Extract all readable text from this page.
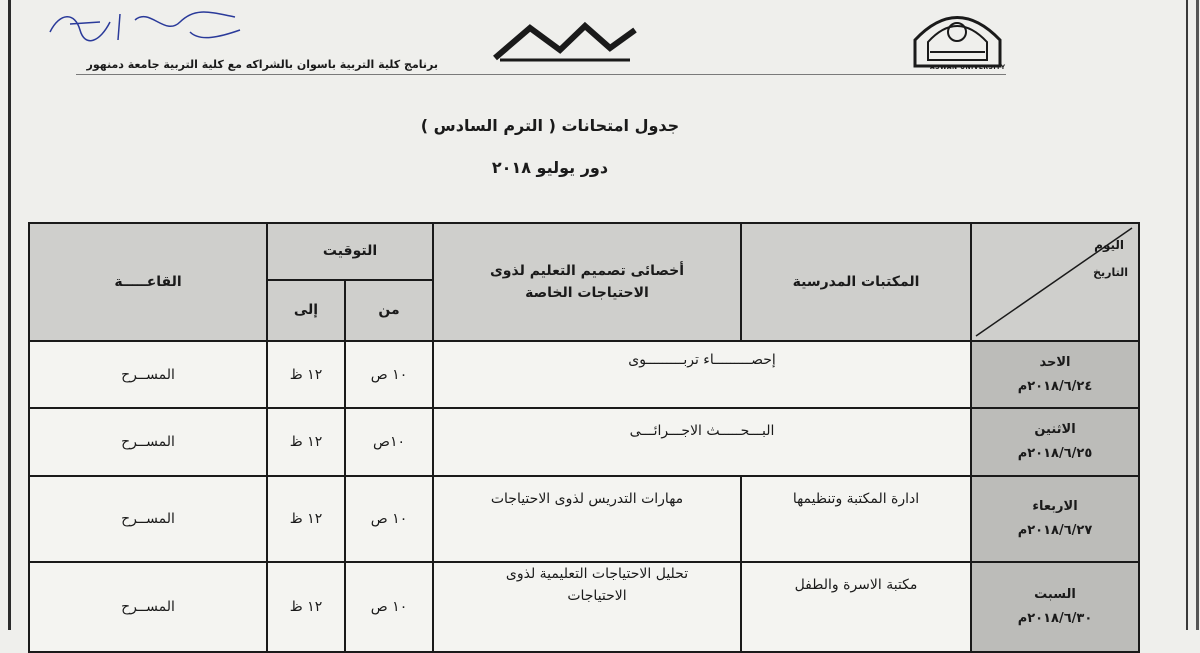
برنامج كلية التربية باسوان بالشراكه مع كلية التربية جامعة دمنهور	ASWAN UNIVERSITY
جدول امتحانات ( الترم السادس )
دور يوليو ٢٠١٨
القاعـــــة	التوقيت		أخصائى تصميم التعليم لذوى الاحتياجات الخاصة	المكتبات المدرسية	اليوم
التاريخ

	إلى	من			
المســرح	١٢ ظ	١٠ ص	إحصـــــــــاء تربـــــــــوى		الاحد
٢٠١٨/٦/٢٤م

المســرح	١٢ ظ	١٠ص	البـــحـــــث الاجـــرائـــى		الاثنين
٢٠١٨/٦/٢٥م

المســرح	١٢ ظ	١٠ ص	مهارات التدريس لذوى الاحتياجات	ادارة المكتبة وتنظيمها	الاربعاء
٢٠١٨/٦/٢٧م

المســرح	١٢ ظ	١٠ ص	تحليل الاحتياجات التعليمية لذوى الاحتياجات	مكتبة الاسرة والطفل	السبت
٢٠١٨/٦/٣٠م
